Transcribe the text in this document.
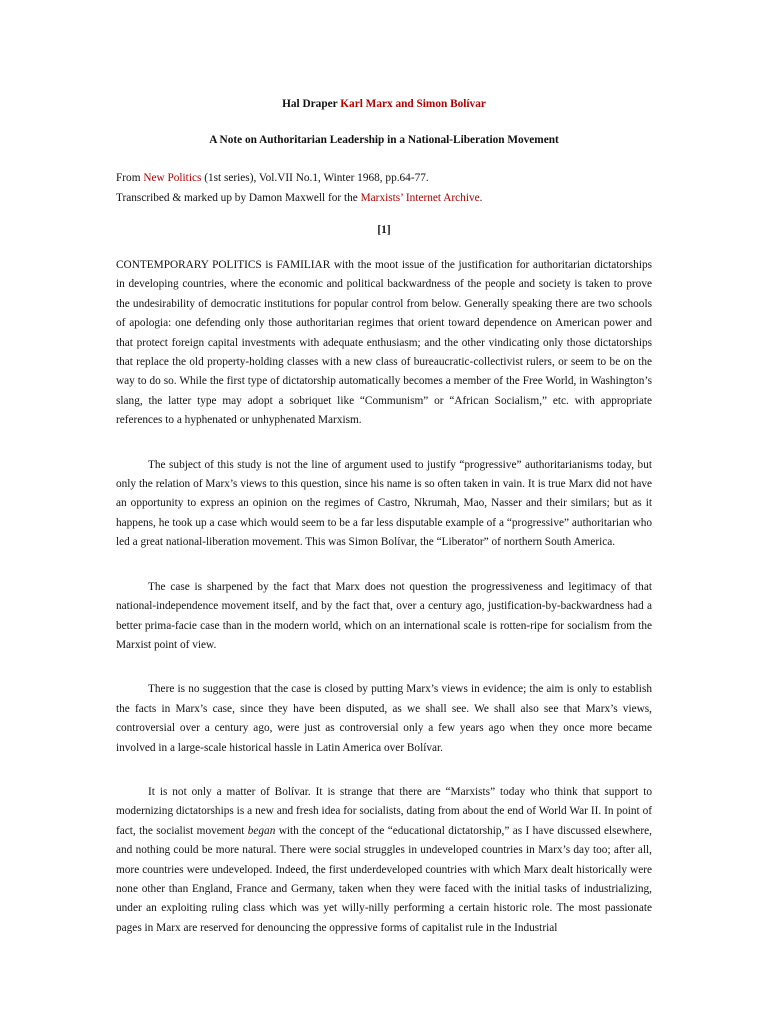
Hal Draper Karl Marx and Simon Bolívar
A Note on Authoritarian Leadership in a National-Liberation Movement
From New Politics (1st series), Vol.VII No.1, Winter 1968, pp.64-77.
Transcribed & marked up by Damon Maxwell for the Marxists’ Internet Archive.
[1]

CONTEMPORARY POLITICS is FAMILIAR with the moot issue of the justification for authoritarian dictatorships in developing countries, where the economic and political backwardness of the people and society is taken to prove the undesirability of democratic institutions for popular control from below. Generally speaking there are two schools of apologia: one defending only those authoritarian regimes that orient toward dependence on American power and that protect foreign capital investments with adequate enthusiasm; and the other vindicating only those dictatorships that replace the old property-holding classes with a new class of bureaucratic-collectivist rulers, or seem to be on the way to do so. While the first type of dictatorship automatically becomes a member of the Free World, in Washington’s slang, the latter type may adopt a sobriquet like “Communism” or “African Socialism,” etc. with appropriate references to a hyphenated or unhyphenated Marxism.

The subject of this study is not the line of argument used to justify “progressive” authoritarianisms today, but only the relation of Marx’s views to this question, since his name is so often taken in vain. It is true Marx did not have an opportunity to express an opinion on the regimes of Castro, Nkrumah, Mao, Nasser and their similars; but as it happens, he took up a case which would seem to be a far less disputable example of a “progressive” authoritarian who led a great national-liberation movement. This was Simon Bolívar, the “Liberator” of northern South America.

The case is sharpened by the fact that Marx does not question the progressiveness and legitimacy of that national-independence movement itself, and by the fact that, over a century ago, justification-by-backwardness had a better prima-facie case than in the modern world, which on an international scale is rotten-ripe for socialism from the Marxist point of view.

There is no suggestion that the case is closed by putting Marx’s views in evidence; the aim is only to establish the facts in Marx’s case, since they have been disputed, as we shall see. We shall also see that Marx’s views, controversial over a century ago, were just as controversial only a few years ago when they once more became involved in a large-scale historical hassle in Latin America over Bolívar.

It is not only a matter of Bolívar. It is strange that there are “Marxists” today who think that support to modernizing dictatorships is a new and fresh idea for socialists, dating from about the end of World War II. In point of fact, the socialist movement began with the concept of the “educational dictatorship,” as I have discussed elsewhere, and nothing could be more natural. There were social struggles in undeveloped countries in Marx’s day too; after all, more countries were undeveloped. Indeed, the first underdeveloped countries with which Marx dealt historically were none other than England, France and Germany, taken when they were faced with the initial tasks of industrializing, under an exploiting ruling class which was yet willy-nilly performing a certain historic role. The most passionate pages in Marx are reserved for denouncing the oppressive forms of capitalist rule in the Industrial
